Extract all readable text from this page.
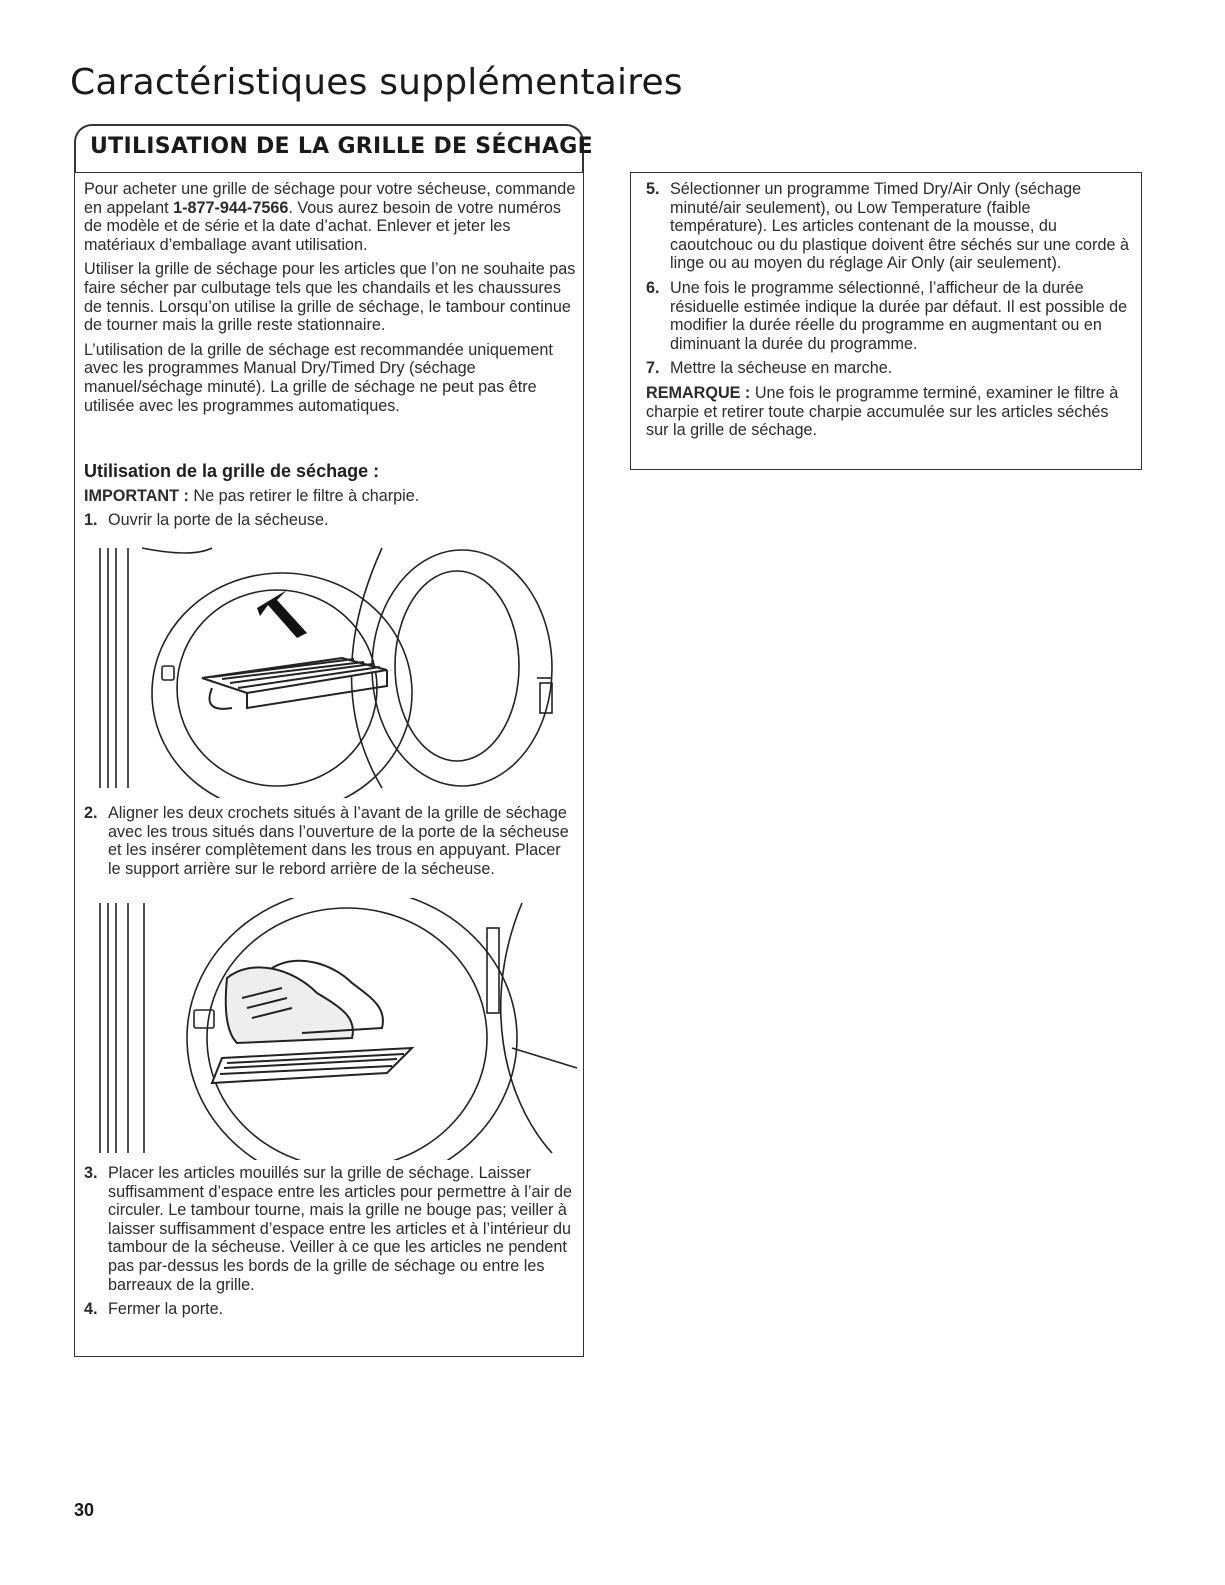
Caractéristiques supplémentaires
UTILISATION DE LA GRILLE DE SÉCHAGE

Pour acheter une grille de séchage pour votre sécheuse, commande en appelant 1-877-944-7566. Vous aurez besoin de votre numéros de modèle et de série et la date d’achat. Enlever et jeter les matériaux d’emballage avant utilisation.

Utiliser la grille de séchage pour les articles que l’on ne souhaite pas faire sécher par culbutage tels que les chandails et les chaussures de tennis. Lorsqu’on utilise la grille de séchage, le tambour continue de tourner mais la grille reste stationnaire.

L’utilisation de la grille de séchage est recommandée uniquement avec les programmes Manual Dry/Timed Dry (séchage manuel/séchage minuté). La grille de séchage ne peut pas être utilisée avec les programmes automatiques.

Utilisation de la grille de séchage :

IMPORTANT : Ne pas retirer le filtre à charpie.

1. Ouvrir la porte de la sécheuse.

2. Aligner les deux crochets situés à l’avant de la grille de séchage avec les trous situés dans l’ouverture de la porte de la sécheuse et les insérer complètement dans les trous en appuyant. Placer le support arrière sur le rebord arrière de la sécheuse.

3. Placer les articles mouillés sur la grille de séchage. Laisser suffisamment d’espace entre les articles pour permettre à l’air de circuler. Le tambour tourne, mais la grille ne bouge pas; veiller à laisser suffisamment d’espace entre les articles et à l’intérieur du tambour de la sécheuse. Veiller à ce que les articles ne pendent pas par-dessus les bords de la grille de séchage ou entre les barreaux de la grille.

4. Fermer la porte.

5. Sélectionner un programme Timed Dry/Air Only (séchage minuté/air seulement), ou Low Temperature (faible température). Les articles contenant de la mousse, du caoutchouc ou du plastique doivent être séchés sur une corde à linge ou au moyen du réglage Air Only (air seulement).

6. Une fois le programme sélectionné, l’afficheur de la durée résiduelle estimée indique la durée par défaut. Il est possible de modifier la durée réelle du programme en augmentant ou en diminuant la durée du programme.

7. Mettre la sécheuse en marche.

REMARQUE : Une fois le programme terminé, examiner le filtre à charpie et retirer toute charpie accumulée sur les articles séchés sur la grille de séchage.

30
